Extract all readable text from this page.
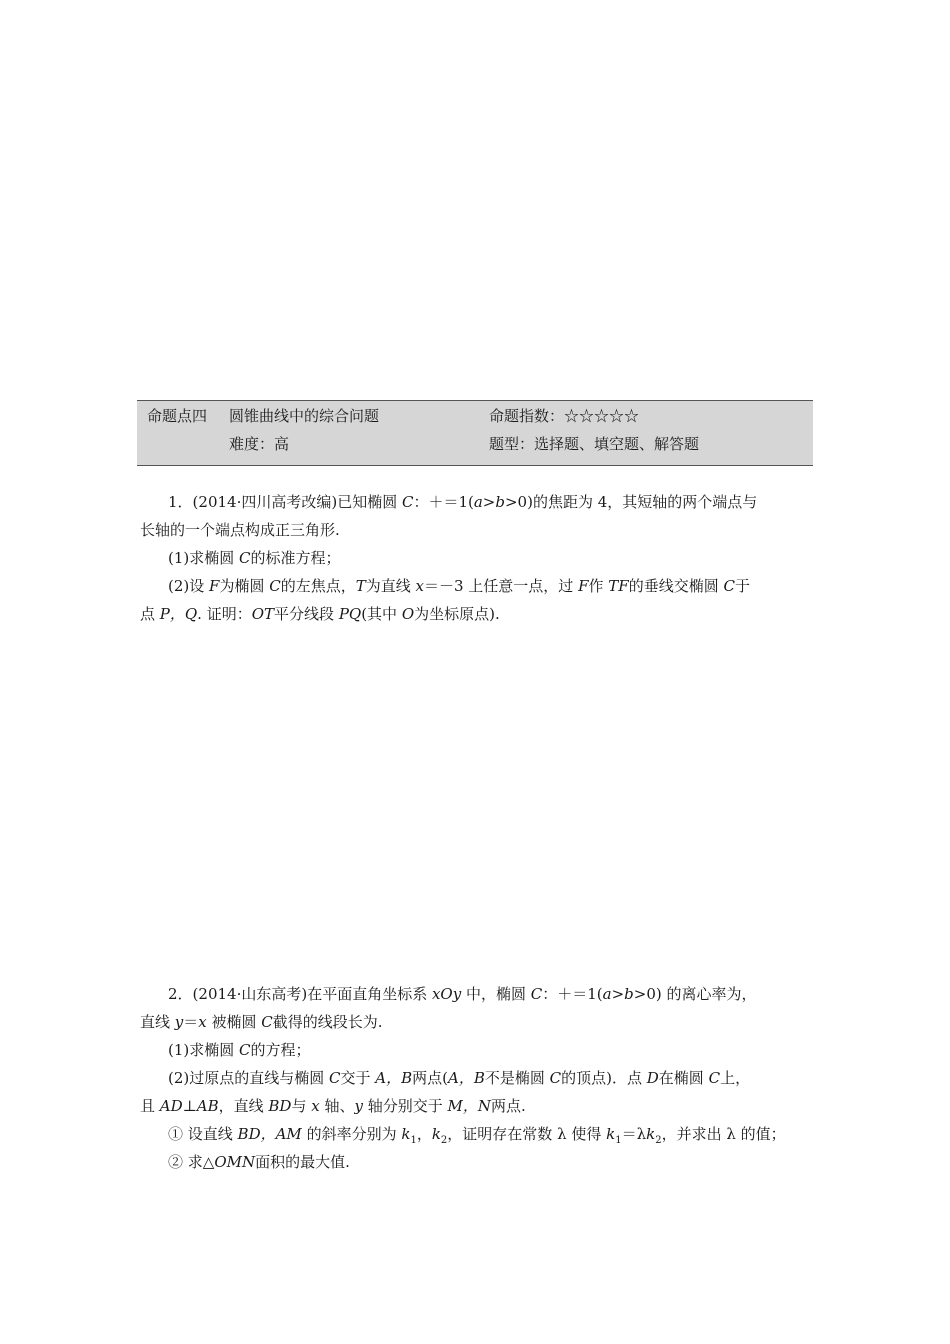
命题点四 圆锥曲线中的综合问题	命题指数：☆☆☆☆☆
难度：高	题型：选择题、填空题、解答题
1．(2014·四川高考改编)已知椭圆 C：＋＝1(a>b>0)的焦距为 4，其短轴的两个端点与
长轴的一个端点构成正三角形.
(1)求椭圆 C的标准方程；
(2)设 F为椭圆 C的左焦点，T为直线 x＝－3 上任意一点，过 F作 TF的垂线交椭圆 C于
点 P，Q. 证明：OT平分线段 PQ(其中 O为坐标原点).
2．(2014·山东高考)在平面直角坐标系 xOy 中，椭圆 C：＋＝1(a>b>0) 的离心率为，
直线 y＝x 被椭圆 C截得的线段长为.
(1)求椭圆 C的方程；
(2)过原点的直线与椭圆 C交于 A，B两点(A，B不是椭圆 C的顶点)．点 D在椭圆 C上，
且 AD⊥AB，直线 BD与 x 轴、y 轴分别交于 M，N两点.
① 设直线 BD，AM 的斜率分别为 $k_1$，$k_2$，证明存在常数 λ 使得 $k_1=\lambda k_2$，并求出 λ 的值；
② 求△OMN面积的最大值.
